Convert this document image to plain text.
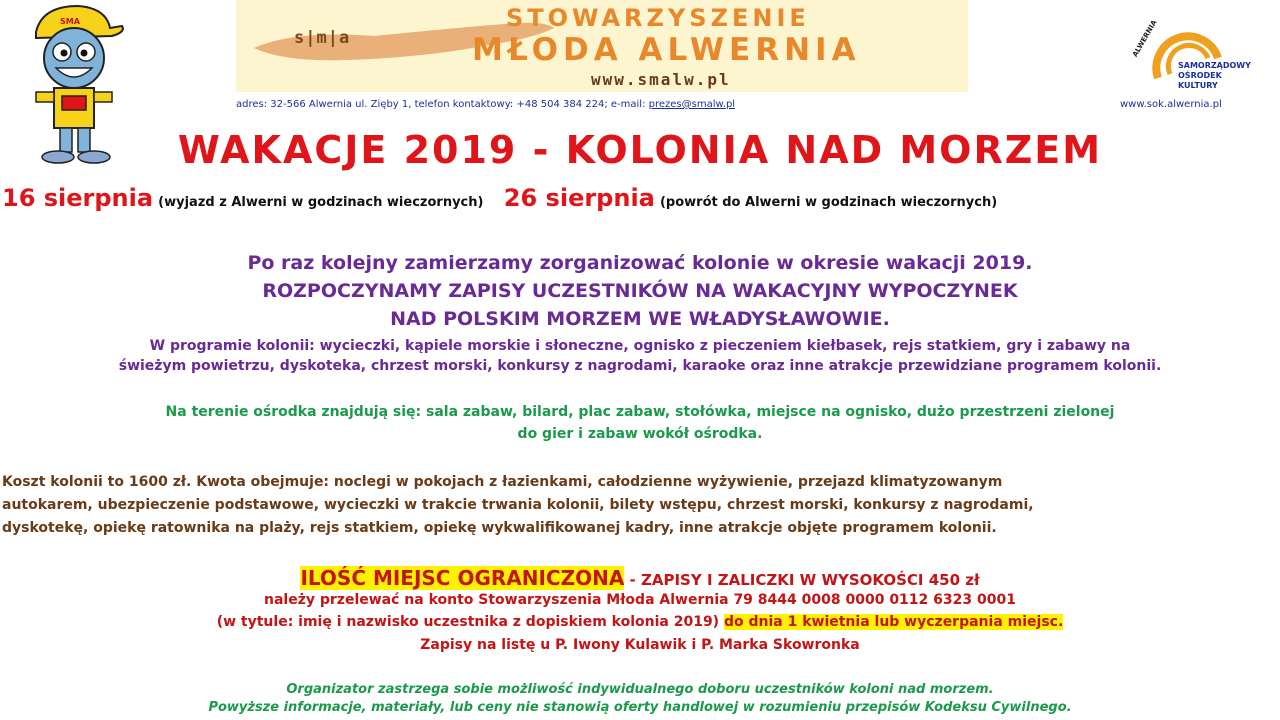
SMA
s|m|a
STOWARZYSZENIE
MŁODA ALWERNIA
www.smalw.pl
ALWERNIA
SAMORZĄDOWY
OŚRODEK
KULTURY
adres: 32-566 Alwernia ul. Zięby 1, telefon kontaktowy: +48 504 384 224; e-mail: prezes@smalw.pl	www.sok.alwernia.pl
WAKACJE 2019 - KOLONIA NAD MORZEM
16 sierpnia (wyjazd z Alwerni w godzinach wieczornych) 26 sierpnia (powrót do Alwerni w godzinach wieczornych)
Po raz kolejny zamierzamy zorganizować kolonie w okresie wakacji 2019.
ROZPOCZYNAMY ZAPISY UCZESTNIKÓW NA WAKACYJNY WYPOCZYNEK
NAD POLSKIM MORZEM WE WŁADYSŁAWOWIE.
W programie kolonii: wycieczki, kąpiele morskie i słoneczne, ognisko z pieczeniem kiełbasek, rejs statkiem, gry i zabawy na
świeżym powietrzu, dyskoteka, chrzest morski, konkursy z nagrodami, karaoke oraz inne atrakcje przewidziane programem kolonii.
Na terenie ośrodka znajdują się: sala zabaw, bilard, plac zabaw, stołówka, miejsce na ognisko, dużo przestrzeni zielonej
do gier i zabaw wokół ośrodka.
Koszt kolonii to 1600 zł. Kwota obejmuje: noclegi w pokojach z łazienkami, całodzienne wyżywienie, przejazd klimatyzowanym
autokarem, ubezpieczenie podstawowe, wycieczki w trakcie trwania kolonii, bilety wstępu, chrzest morski, konkursy z nagrodami,
dyskotekę, opiekę ratownika na plaży, rejs statkiem, opiekę wykwalifikowanej kadry, inne atrakcje objęte programem kolonii.
ILOŚĆ MIEJSC OGRANICZONA - ZAPISY I ZALICZKI W WYSOKOŚCI 450 zł
należy przelewać na konto Stowarzyszenia Młoda Alwernia 79 8444 0008 0000 0112 6323 0001
(w tytule: imię i nazwisko uczestnika z dopiskiem kolonia 2019) do dnia 1 kwietnia lub wyczerpania miejsc.
Zapisy na listę u P. Iwony Kulawik i P. Marka Skowronka
Organizator zastrzega sobie możliwość indywidualnego doboru uczestników koloni nad morzem.
Powyższe informacje, materiały, lub ceny nie stanowią oferty handlowej w rozumieniu przepisów Kodeksu Cywilnego.
